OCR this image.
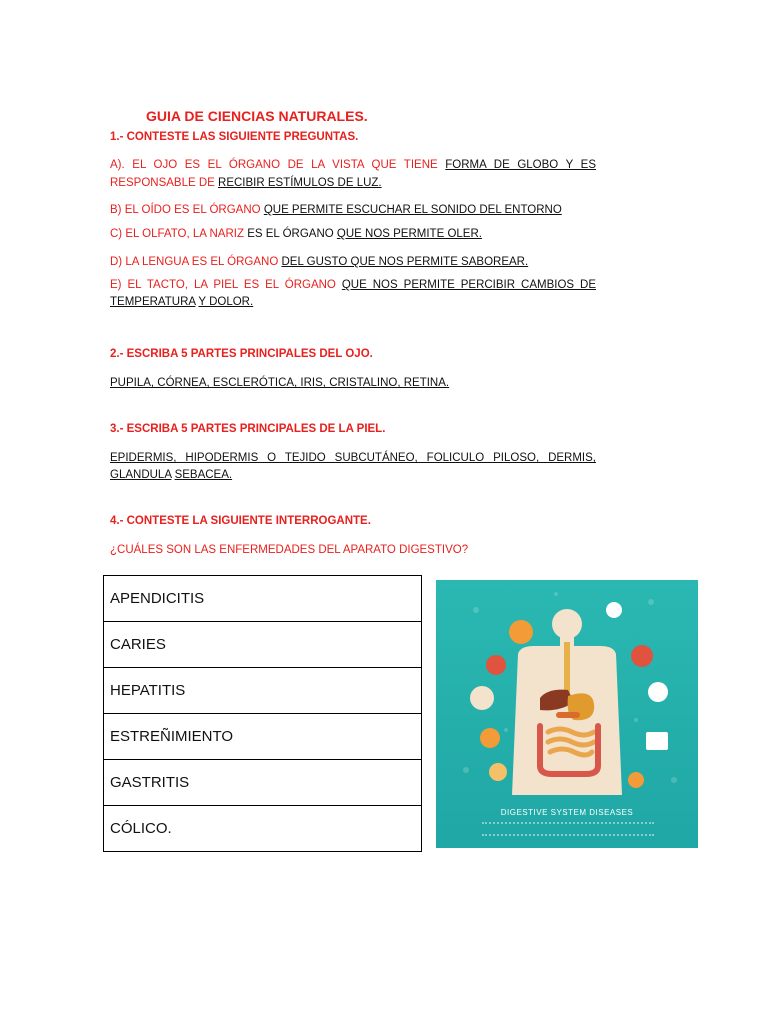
GUIA DE CIENCIAS NATURALES.
1.- CONTESTE LAS SIGUIENTE PREGUNTAS.
A). EL OJO ES EL ÓRGANO DE LA VISTA QUE TIENE FORMA DE GLOBO Y ES
RESPONSABLE DE RECIBIR ESTÍMULOS DE LUZ.
B) EL OÍDO ES EL ÓRGANO QUE PERMITE ESCUCHAR EL SONIDO DEL ENTORNO
C) EL OLFATO, LA NARIZ ES EL ÓRGANO QUE NOS PERMITE OLER.
D) LA LENGUA ES EL ÓRGANO DEL GUSTO QUE NOS PERMITE SABOREAR.
E) EL TACTO, LA PIEL ES EL ÓRGANO QUE NOS PERMITE PERCIBIR CAMBIOS DE
TEMPERATURA Y DOLOR.
2.- ESCRIBA 5 PARTES PRINCIPALES DEL OJO.
PUPILA, CÓRNEA, ESCLERÓTICA, IRIS, CRISTALINO, RETINA.
3.- ESCRIBA 5 PARTES PRINCIPALES DE LA PIEL.
EPIDERMIS, HIPODERMIS O TEJIDO SUBCUTÁNEO, FOLICULO PILOSO, DERMIS,
GLANDULA SEBACEA.
4.- CONTESTE LA SIGUIENTE INTERROGANTE.
¿CUÁLES SON LAS ENFERMEDADES DEL APARATO DIGESTIVO?
APENDICITIS
CARIES
HEPATITIS
ESTREÑIMIENTO
GASTRITIS
CÓLICO.
DIGESTIVE SYSTEM DISEASES
